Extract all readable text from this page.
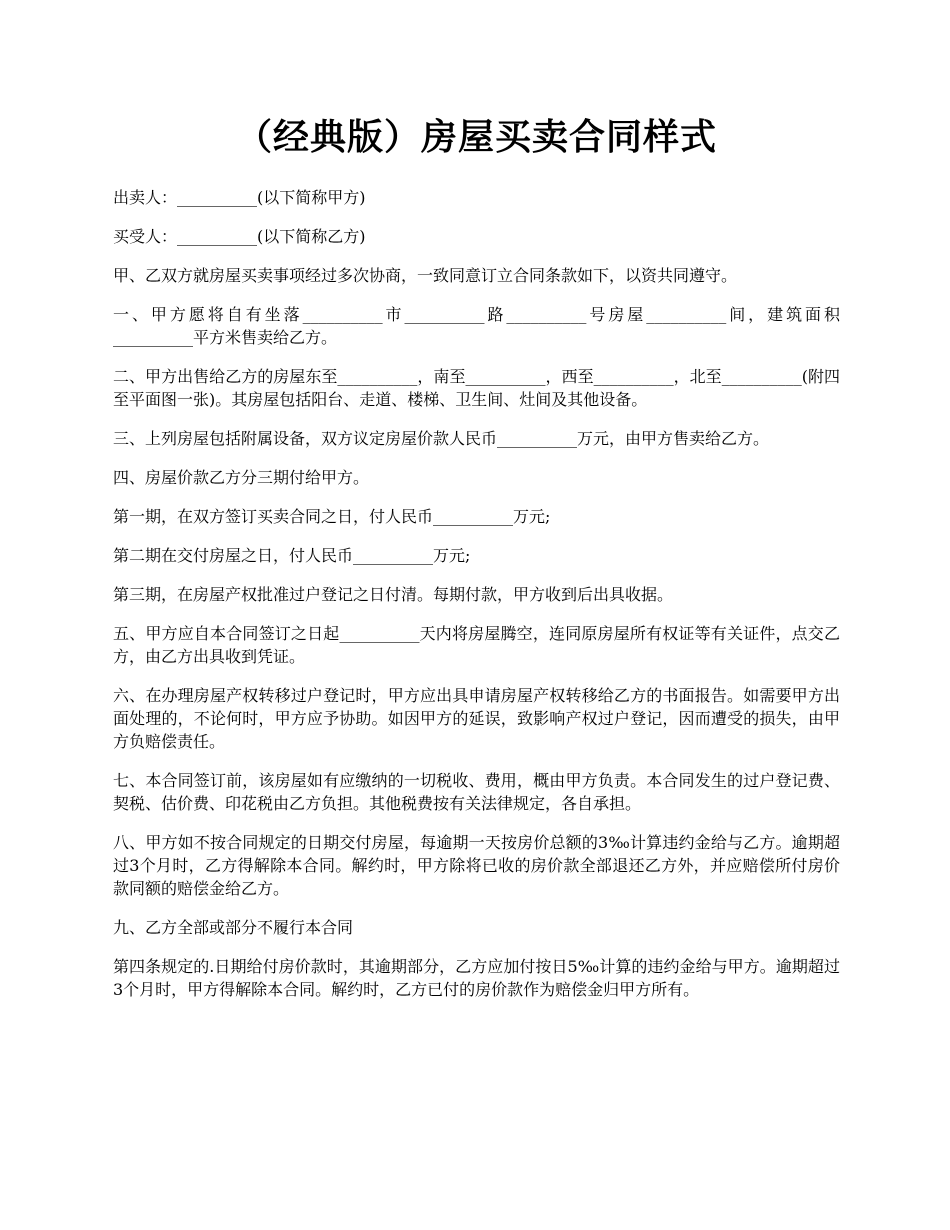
（经典版）房屋买卖合同样式

出卖人：__________(以下简称甲方)

买受人：__________(以下简称乙方)

甲、乙双方就房屋买卖事项经过多次协商，一致同意订立合同条款如下，以资共同遵守。

一、甲方愿将自有坐落__________市__________路__________号房屋__________间，建筑面积__________平方米售卖给乙方。

二、甲方出售给乙方的房屋东至__________，南至__________，西至__________，北至__________(附四至平面图一张)。其房屋包括阳台、走道、楼梯、卫生间、灶间及其他设备。

三、上列房屋包括附属设备，双方议定房屋价款人民币__________万元，由甲方售卖给乙方。

四、房屋价款乙方分三期付给甲方。

第一期，在双方签订买卖合同之日，付人民币__________万元;

第二期在交付房屋之日，付人民币__________万元;

第三期，在房屋产权批准过户登记之日付清。每期付款，甲方收到后出具收据。

五、甲方应自本合同签订之日起__________天内将房屋腾空，连同原房屋所有权证等有关证件，点交乙方，由乙方出具收到凭证。

六、在办理房屋产权转移过户登记时，甲方应出具申请房屋产权转移给乙方的书面报告。如需要甲方出面处理的，不论何时，甲方应予协助。如因甲方的延误，致影响产权过户登记，因而遭受的损失，由甲方负赔偿责任。

七、本合同签订前，该房屋如有应缴纳的一切税收、费用，概由甲方负责。本合同发生的过户登记费、契税、估价费、印花税由乙方负担。其他税费按有关法律规定，各自承担。

八、甲方如不按合同规定的日期交付房屋，每逾期一天按房价总额的3‰计算违约金给与乙方。逾期超过3个月时，乙方得解除本合同。解约时，甲方除将已收的房价款全部退还乙方外，并应赔偿所付房价款同额的赔偿金给乙方。

九、乙方全部或部分不履行本合同

第四条规定的.日期给付房价款时，其逾期部分，乙方应加付按日5‰计算的违约金给与甲方。逾期超过3个月时，甲方得解除本合同。解约时，乙方已付的房价款作为赔偿金归甲方所有。
